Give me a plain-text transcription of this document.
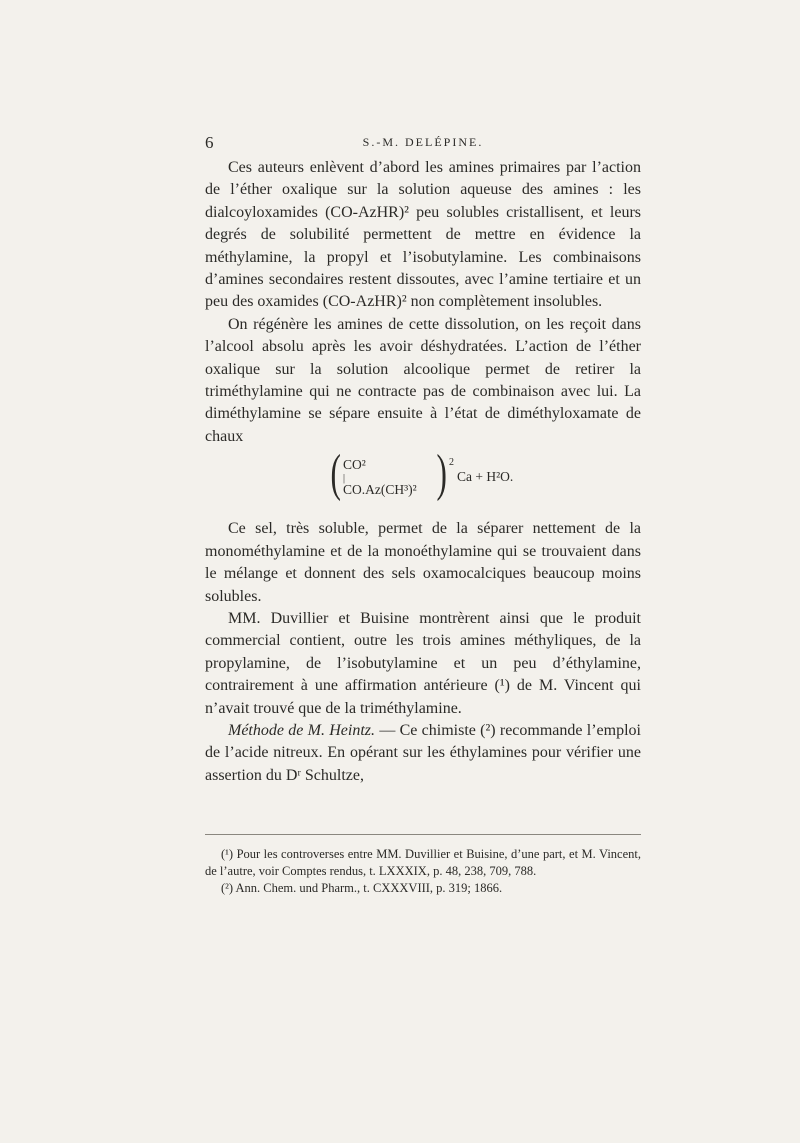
6	S.-M. DELÉPINE.

Ces auteurs enlèvent d’abord les amines primaires par l’action de l’éther oxalique sur la solution aqueuse des amines : les dialcoyloxamides (CO-AzHR)² peu solubles cristallisent, et leurs degrés de solubilité permettent de mettre en évidence la méthylamine, la propyl et l’isobutylamine. Les combinaisons d’amines secondaires restent dissoutes, avec l’amine tertiaire et un peu des oxamides (CO-AzHR)² non complètement insolubles.

On régénère les amines de cette dissolution, on les reçoit dans l’alcool absolu après les avoir déshydratées. L’action de l’éther oxalique sur la solution alcoolique permet de retirer la triméthylamine qui ne contracte pas de combinaison avec lui. La diméthylamine se sépare ensuite à l’état de diméthyloxamate de chaux

( CO²
|
CO.Az(CH³)² ) 2
Ca + H²O.

Ce sel, très soluble, permet de la séparer nettement de la monométhylamine et de la monoéthylamine qui se trouvaient dans le mélange et donnent des sels oxamocalciques beaucoup moins solubles.

MM. Duvillier et Buisine montrèrent ainsi que le produit commercial contient, outre les trois amines méthyliques, de la propylamine, de l’isobutylamine et un peu d’éthylamine, contrairement à une affirmation antérieure (¹) de M. Vincent qui n’avait trouvé que de la triméthylamine.

Méthode de M. Heintz. — Ce chimiste (²) recommande l’emploi de l’acide nitreux. En opérant sur les éthylamines pour vérifier une assertion du Dʳ Schultze,

(¹) Pour les controverses entre MM. Duvillier et Buisine, d’une part, et M. Vincent, de l’autre, voir Comptes rendus, t. LXXXIX, p. 48, 238, 709, 788.

(²) Ann. Chem. und Pharm., t. CXXXVIII, p. 319; 1866.
